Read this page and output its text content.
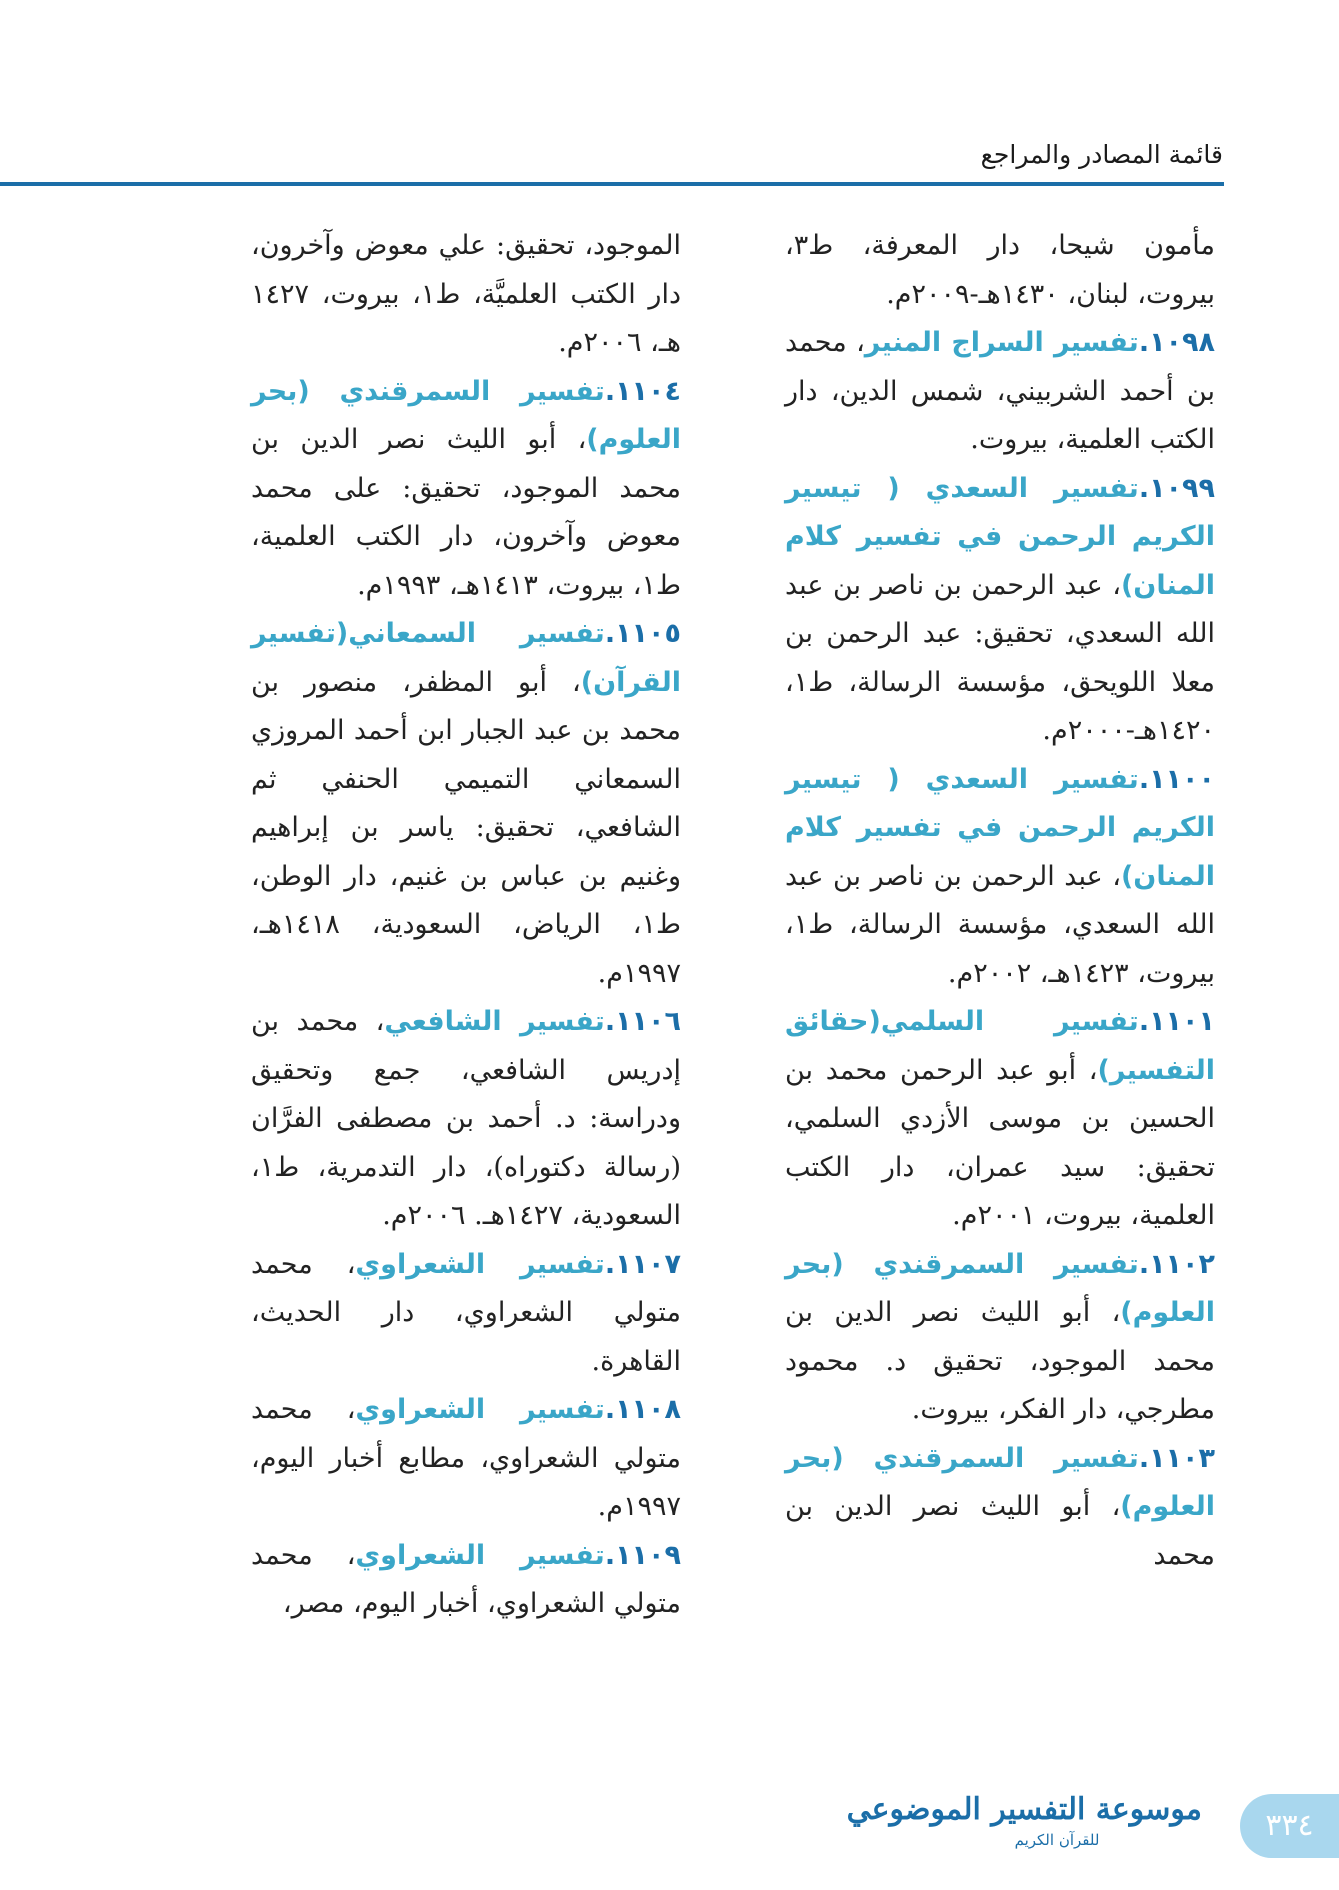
قائمة المصادر والمراجع
مأمون شيحا، دار المعرفة، ط٣، بيروت، لبنان، ١٤٣٠هـ-٢٠٠٩م.
١٠٩٨.تفسير السراج المنير، محمد بن أحمد الشربيني، شمس الدين، دار الكتب العلمية، بيروت.
١٠٩٩.تفسير السعدي ( تيسير الكريم الرحمن في تفسير كلام المنان)، عبد الرحمن بن ناصر بن عبد الله السعدي، تحقيق: عبد الرحمن بن معلا اللويحق، مؤسسة الرسالة، ط١، ١٤٢٠هـ-٢٠٠٠م.
١١٠٠.تفسير السعدي ( تيسير الكريم الرحمن في تفسير كلام المنان)، عبد الرحمن بن ناصر بن عبد الله السعدي، مؤسسة الرسالة، ط١، بيروت، ١٤٢٣هـ، ٢٠٠٢م.
١١٠١.تفسير السلمي(حقائق التفسير)، أبو عبد الرحمن محمد بن الحسين بن موسى الأزدي السلمي، تحقيق: سيد عمران، دار الكتب العلمية، بيروت، ٢٠٠١م.
١١٠٢.تفسير السمرقندي (بحر العلوم)، أبو الليث نصر الدين بن محمد الموجود، تحقيق د. محمود مطرجي، دار الفكر، بيروت.
١١٠٣.تفسير السمرقندي (بحر العلوم)، أبو الليث نصر الدين بن محمد
الموجود، تحقيق: علي معوض وآخرون، دار الكتب العلميَّة، ط١، بيروت، ١٤٢٧ هـ، ٢٠٠٦م.
١١٠٤.تفسير السمرقندي (بحر العلوم)، أبو الليث نصر الدين بن محمد الموجود، تحقيق: على محمد معوض وآخرون، دار الكتب العلمية، ط١، بيروت، ١٤١٣هـ، ١٩٩٣م.
١١٠٥.تفسير السمعاني(تفسير القرآن)، أبو المظفر، منصور بن محمد بن عبد الجبار ابن أحمد المروزي السمعاني التميمي الحنفي ثم الشافعي، تحقيق: ياسر بن إبراهيم وغنيم بن عباس بن غنيم، دار الوطن، ط١، الرياض، السعودية، ١٤١٨هـ، ١٩٩٧م.
١١٠٦.تفسير الشافعي، محمد بن إدريس الشافعي، جمع وتحقيق ودراسة: د. أحمد بن مصطفى الفرَّان (رسالة دكتوراه)، دار التدمرية، ط١، السعودية، ١٤٢٧هـ. ٢٠٠٦م.
١١٠٧.تفسير الشعراوي، محمد متولي الشعراوي، دار الحديث، القاهرة.
١١٠٨.تفسير الشعراوي، محمد متولي الشعراوي، مطابع أخبار اليوم، ١٩٩٧م.
١١٠٩.تفسير الشعراوي، محمد متولي الشعراوي، أخبار اليوم، مصر،
موسوعة التفسير الموضوعي
للقرآن الكريم	٣٣٤
